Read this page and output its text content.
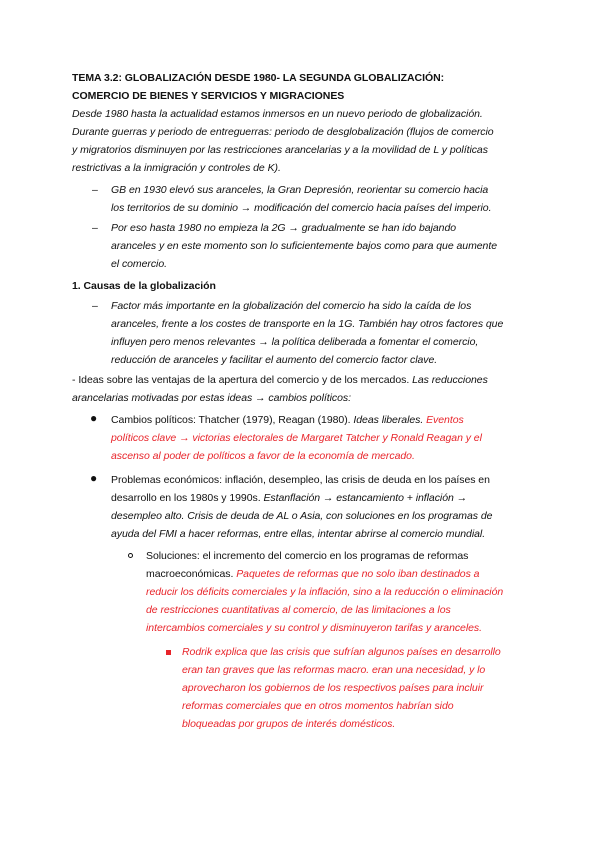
TEMA 3.2: GLOBALIZACIÓN DESDE 1980- LA SEGUNDA GLOBALIZACIÓN:
COMERCIO DE BIENES Y SERVICIOS Y MIGRACIONES
Desde 1980 hasta la actualidad estamos inmersos en un nuevo periodo de globalización.
Durante guerras y periodo de entreguerras: periodo de desglobalización (flujos de comercio
y migratorios disminuyen por las restricciones arancelarias y a la movilidad de L y políticas
restrictivas a la inmigración y controles de K).
– GB en 1930 elevó sus aranceles, la Gran Depresión, reorientar su comercio hacia
los territorios de su dominio → modificación del comercio hacia países del imperio.
– Por eso hasta 1980 no empieza la 2G → gradualmente se han ido bajando
aranceles y en este momento son lo suficientemente bajos como para que aumente
el comercio.
1. Causas de la globalización
– Factor más importante en la globalización del comercio ha sido la caída de los
aranceles, frente a los costes de transporte en la 1G. También hay otros factores que
influyen pero menos relevantes → la política deliberada a fomentar el comercio,
reducción de aranceles y facilitar el aumento del comercio factor clave.
- Ideas sobre las ventajas de la apertura del comercio y de los mercados. Las reducciones
arancelarias motivadas por estas ideas → cambios políticos:
● Cambios políticos: Thatcher (1979), Reagan (1980). Ideas liberales. Eventos
políticos clave → victorias electorales de Margaret Tatcher y Ronald Reagan y el
ascenso al poder de políticos a favor de la economía de mercado.
● Problemas económicos: inflación, desempleo, las crisis de deuda en los países en
desarrollo en los 1980s y 1990s. Estanflación → estancamiento + inflación →
desempleo alto. Crisis de deuda de AL o Asia, con soluciones en los programas de
ayuda del FMI a hacer reformas, entre ellas, intentar abrirse al comercio mundial.
Soluciones: el incremento del comercio en los programas de reformas
macroeconómicas. Paquetes de reformas que no solo iban destinados a
reducir los déficits comerciales y la inflación, sino a la reducción o eliminación
de restricciones cuantitativas al comercio, de las limitaciones a los
intercambios comerciales y su control y disminuyeron tarifas y aranceles.
Rodrik explica que las crisis que sufrían algunos países en desarrollo
eran tan graves que las reformas macro. eran una necesidad, y lo
aprovecharon los gobiernos de los respectivos países para incluir
reformas comerciales que en otros momentos habrían sido
bloqueadas por grupos de interés domésticos.
